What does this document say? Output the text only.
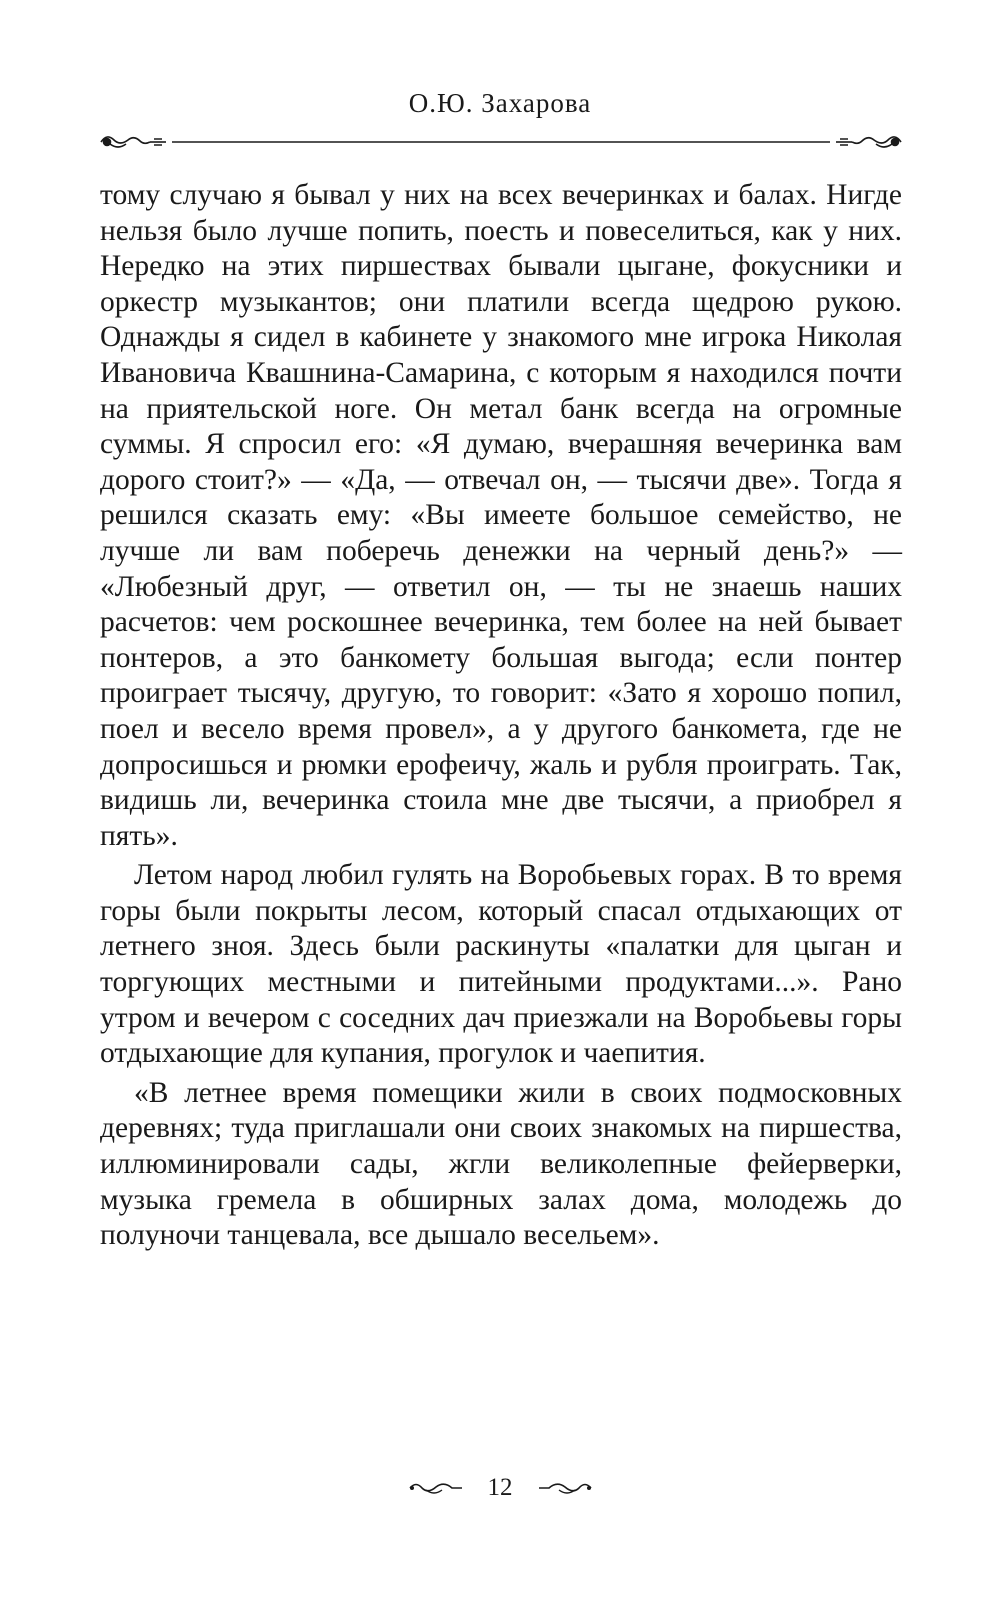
О.Ю. Захарова

тому случаю я бывал у них на всех вечеринках и балах. Нигде нельзя было лучше попить, поесть и повеселиться, как у них. Нередко на этих пиршествах бывали цыгане, фокусники и оркестр музыкантов; они платили всегда щедрою рукою. Однажды я сидел в кабинете у знакомого мне игрока Николая Ивановича Квашнина-Самарина, с которым я находился почти на приятельской ноге. Он метал банк всегда на огромные суммы. Я спросил его: «Я думаю, вчерашняя вечеринка вам дорого стоит?» — «Да, — отвечал он, — тысячи две». Тогда я решился сказать ему: «Вы имеете большое семейство, не лучше ли вам поберечь денежки на черный день?» — «Любезный друг, — ответил он, — ты не знаешь наших расчетов: чем роскошнее вечеринка, тем более на ней бывает понтеров, а это банкомету большая выгода; если понтер проиграет тысячу, другую, то говорит: «Зато я хорошо попил, поел и весело время провел», а у другого банкомета, где не допросишься и рюмки ерофеичу, жаль и рубля проиграть. Так, видишь ли, вечеринка стоила мне две тысячи, а приобрел я пять».

Летом народ любил гулять на Воробьевых горах. В то время горы были покрыты лесом, который спасал отдыхающих от летнего зноя. Здесь были раскинуты «палатки для цыган и торгующих местными и питейными продуктами...». Рано утром и вечером с соседних дач приезжали на Воробьевы горы отдыхающие для купания, прогулок и чаепития.

«В летнее время помещики жили в своих подмосковных деревнях; туда приглашали они своих знакомых на пиршества, иллюминировали сады, жгли великолепные фейерверки, музыка гремела в обширных залах дома, молодежь до полуночи танцевала, все дышало весельем».

12
